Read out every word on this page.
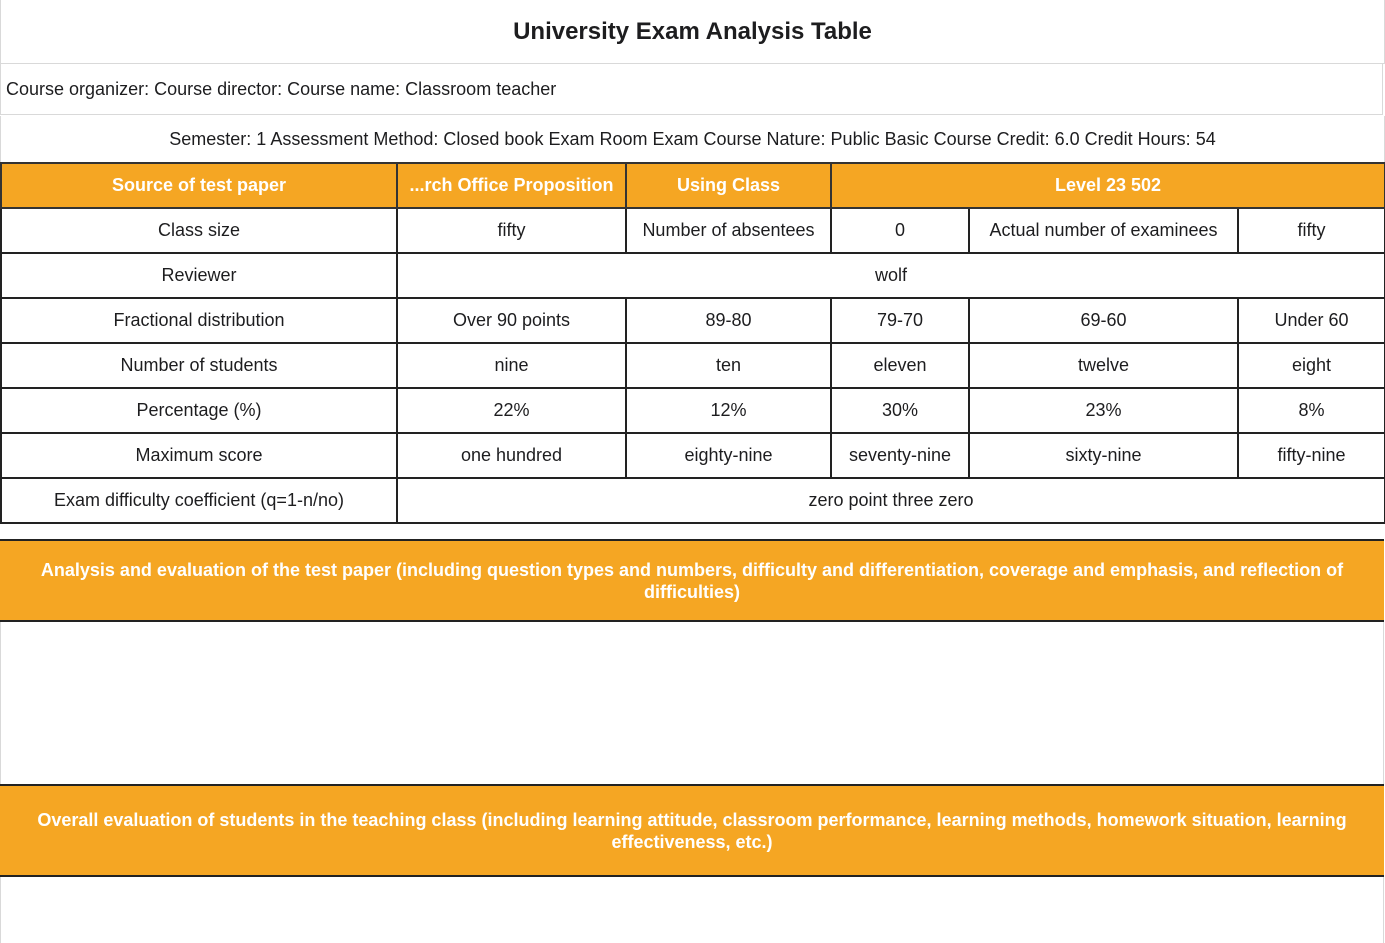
University Exam Analysis Table
Course organizer: Course director: Course name: Classroom teacher
Semester: 1 Assessment Method: Closed book Exam Room Exam Course Nature: Public Basic Course Credit: 6.0 Credit Hours: 54
Source of test paper	...rch Office Proposition	Using Class	Level 23 502		
Class size	fifty	Number of absentees	0	Actual number of examinees	fifty
Reviewer	wolf				
Fractional distribution	Over 90 points	89-80	79-70	69-60	Under 60
Number of students	nine	ten	eleven	twelve	eight
Percentage (%)	22%	12%	30%	23%	8%
Maximum score	one hundred	eighty-nine	seventy-nine	sixty-nine	fifty-nine
Exam difficulty coefficient (q=1-n/no)	zero point three zero				
Analysis and evaluation of the test paper (including question types and numbers, difficulty and differentiation, coverage and emphasis, and reflection of difficulties)
Overall evaluation of students in the teaching class (including learning attitude, classroom performance, learning methods, homework situation, learning effectiveness, etc.)
